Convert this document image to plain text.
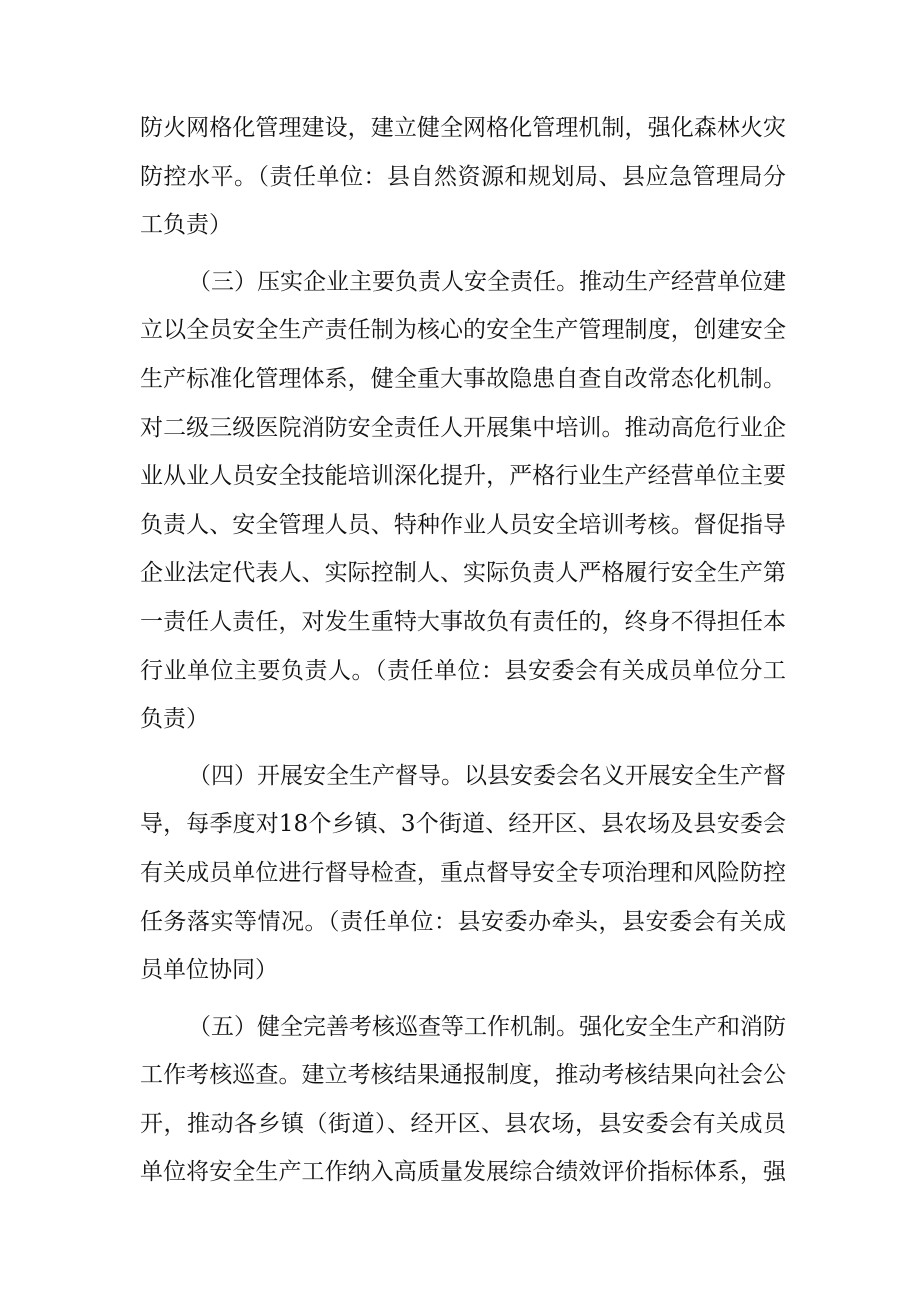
防火网格化管理建设，建立健全网格化管理机制，强化森林火灾
防控水平。（责任单位：县自然资源和规划局、县应急管理局分
工负责）
（三）压实企业主要负责人安全责任。推动生产经营单位建
立以全员安全生产责任制为核心的安全生产管理制度，创建安全
生产标准化管理体系，健全重大事故隐患自查自改常态化机制。
对二级三级医院消防安全责任人开展集中培训。推动高危行业企
业从业人员安全技能培训深化提升，严格行业生产经营单位主要
负责人、安全管理人员、特种作业人员安全培训考核。督促指导
企业法定代表人、实际控制人、实际负责人严格履行安全生产第
一责任人责任，对发生重特大事故负有责任的，终身不得担任本
行业单位主要负责人。（责任单位：县安委会有关成员单位分工
负责）
（四）开展安全生产督导。以县安委会名义开展安全生产督
导，每季度对18个乡镇、3个街道、经开区、县农场及县安委会
有关成员单位进行督导检查，重点督导安全专项治理和风险防控
任务落实等情况。（责任单位：县安委办牵头，县安委会有关成
员单位协同）
（五）健全完善考核巡查等工作机制。强化安全生产和消防
工作考核巡查。建立考核结果通报制度，推动考核结果向社会公
开，推动各乡镇（街道）、经开区、县农场，县安委会有关成员
单位将安全生产工作纳入高质量发展综合绩效评价指标体系，强
